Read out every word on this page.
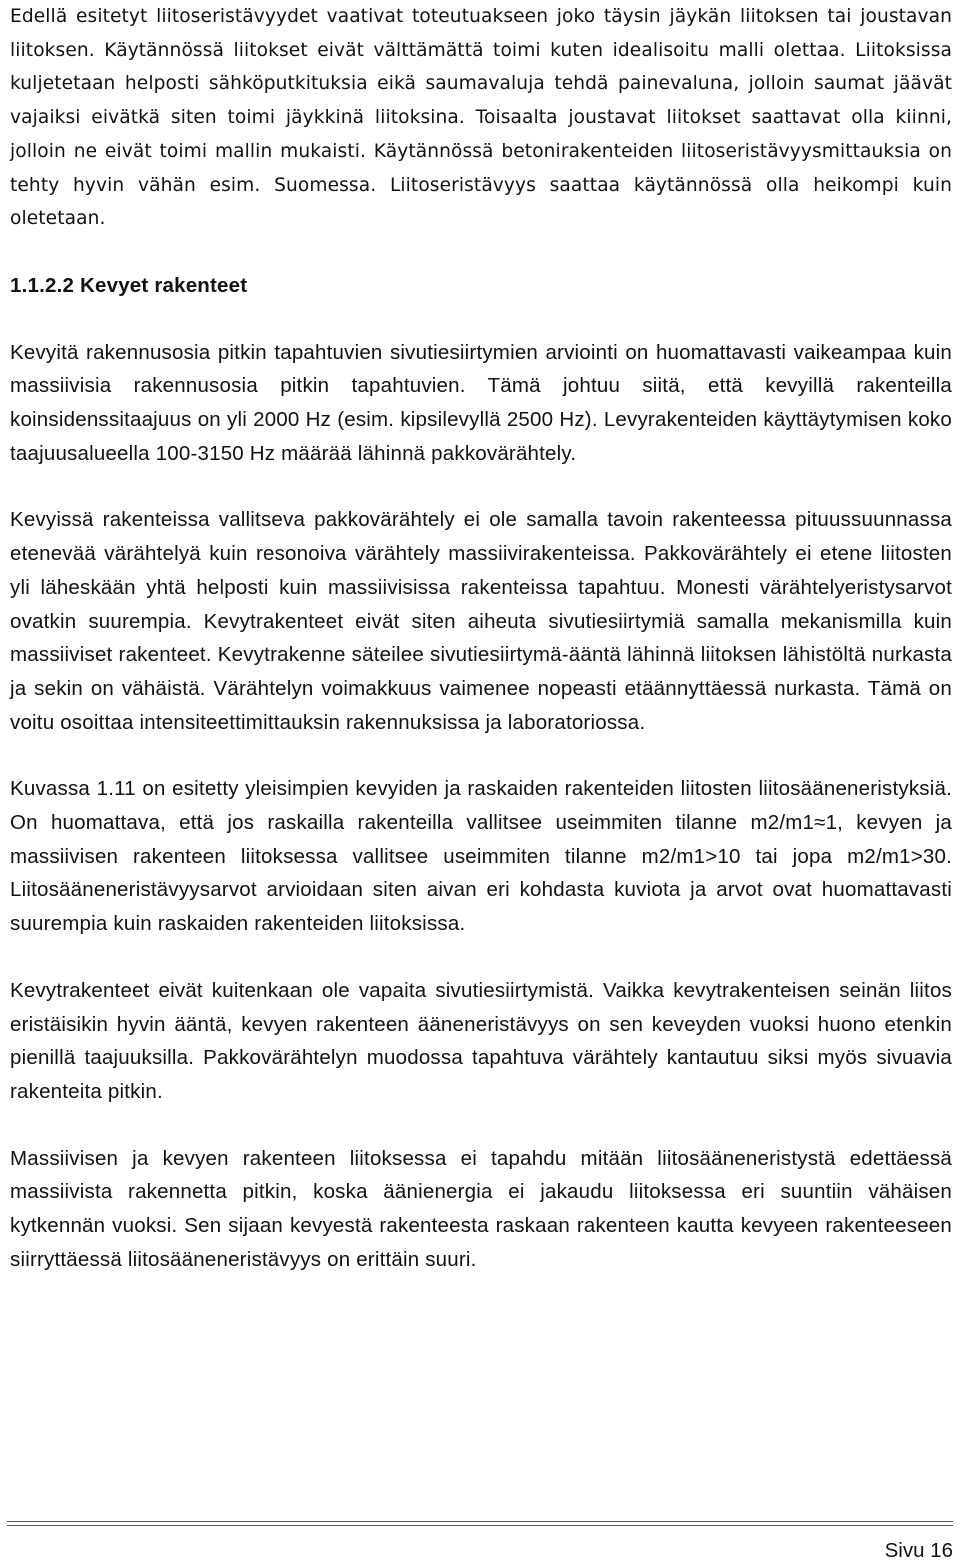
Edellä esitetyt liitoseristävyydet vaativat toteutuakseen joko täysin jäykän liitoksen tai joustavan liitoksen. Käytännössä liitokset eivät välttämättä toimi kuten idealisoitu malli olettaa. Liitoksissa kuljetetaan helposti sähköputkituksia eikä saumavaluja tehdä painevaluna, jolloin saumat jäävät vajaiksi eivätkä siten toimi jäykkinä liitoksina. Toisaalta joustavat liitokset saattavat olla kiinni, jolloin ne eivät toimi mallin mukaisti. Käytännössä betonirakenteiden liitoseristävyysmittauksia on tehty hyvin vähän esim. Suomessa. Liitoseristävyys saattaa käytännössä olla heikompi kuin oletetaan.

1.1.2.2 Kevyet rakenteet

Kevyitä rakennusosia pitkin tapahtuvien sivutiesiirtymien arviointi on huomattavasti vaikeampaa kuin massiivisia rakennusosia pitkin tapahtuvien. Tämä johtuu siitä, että kevyillä rakenteilla koinsidenssitaajuus on yli 2000 Hz (esim. kipsilevyllä 2500 Hz). Levyrakenteiden käyttäytymisen koko taajuusalueella 100-3150 Hz määrää lähinnä pakkovärähtely.

Kevyissä rakenteissa vallitseva pakkovärähtely ei ole samalla tavoin rakenteessa pituussuunnassa etenevää värähtelyä kuin resonoiva värähtely massiivirakenteissa. Pakkovärähtely ei etene liitosten yli läheskään yhtä helposti kuin massiivisissa rakenteissa tapahtuu. Monesti värähtelyeristysarvot ovatkin suurempia. Kevytrakenteet eivät siten aiheuta sivutiesiirtymiä samalla mekanismilla kuin massiiviset rakenteet. Kevytrakenne säteilee sivutiesiirtymä-ääntä lähinnä liitoksen lähistöltä nurkasta ja sekin on vähäistä. Värähtelyn voimakkuus vaimenee nopeasti etäännyttäessä nurkasta. Tämä on voitu osoittaa intensiteettimittauksin rakennuksissa ja laboratoriossa.

Kuvassa 1.11 on esitetty yleisimpien kevyiden ja raskaiden rakenteiden liitosten liitosääneneristyksiä. On huomattava, että jos raskailla rakenteilla vallitsee useimmiten tilanne m2/m1≈1, kevyen ja massiivisen rakenteen liitoksessa vallitsee useimmiten tilanne m2/m1>10 tai jopa m2/m1>30. Liitosääneneristävyysarvot arvioidaan siten aivan eri kohdasta kuviota ja arvot ovat huomattavasti suurempia kuin raskaiden rakenteiden liitoksissa.

Kevytrakenteet eivät kuitenkaan ole vapaita sivutiesiirtymistä. Vaikka kevytrakenteisen seinän liitos eristäisikin hyvin ääntä, kevyen rakenteen ääneneristävyys on sen keveyden vuoksi huono etenkin pienillä taajuuksilla. Pakkovärähtelyn muodossa tapahtuva värähtely kantautuu siksi myös sivuavia rakenteita pitkin.

Massiivisen ja kevyen rakenteen liitoksessa ei tapahdu mitään liitosääneneristystä edettäessä massiivista rakennetta pitkin, koska äänienergia ei jakaudu liitoksessa eri suuntiin vähäisen kytkennän vuoksi. Sen sijaan kevyestä rakenteesta raskaan rakenteen kautta kevyeen rakenteeseen siirryttäessä liitosääneneristävyys on erittäin suuri.

Sivu 16
